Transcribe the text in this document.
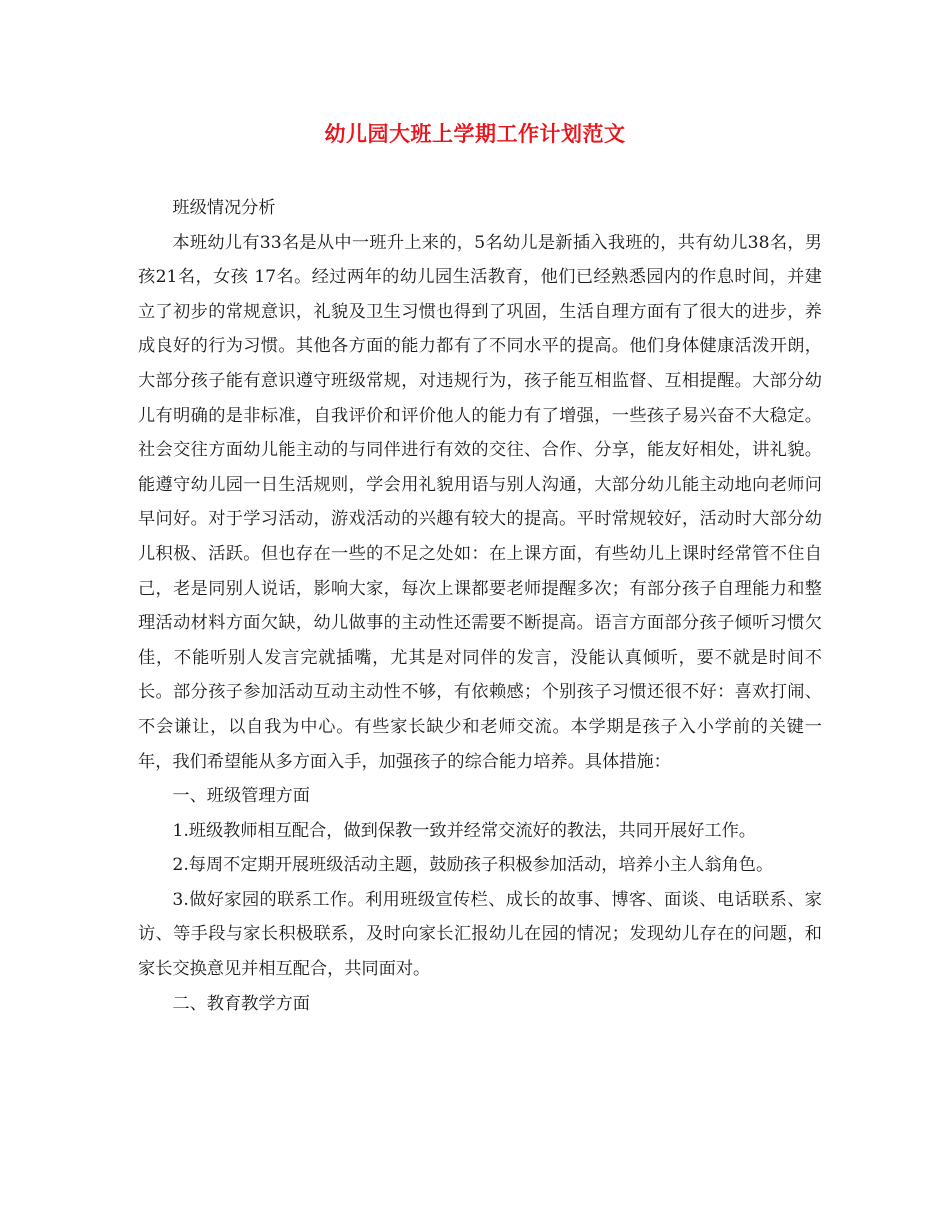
幼儿园大班上学期工作计划范文

班级情况分析

本班幼儿有33名是从中一班升上来的，5名幼儿是新插入我班的，共有幼儿38名，男孩21名，女孩 17名。经过两年的幼儿园生活教育，他们已经熟悉园内的作息时间，并建立了初步的常规意识，礼貌及卫生习惯也得到了巩固，生活自理方面有了很大的进步，养成良好的行为习惯。其他各方面的能力都有了不同水平的提高。他们身体健康活泼开朗，大部分孩子能有意识遵守班级常规，对违规行为，孩子能互相监督、互相提醒。大部分幼儿有明确的是非标准，自我评价和评价他人的能力有了增强，一些孩子易兴奋不大稳定。社会交往方面幼儿能主动的与同伴进行有效的交往、合作、分享，能友好相处，讲礼貌。能遵守幼儿园一日生活规则，学会用礼貌用语与别人沟通，大部分幼儿能主动地向老师问早问好。对于学习活动，游戏活动的兴趣有较大的提高。平时常规较好，活动时大部分幼儿积极、活跃。但也存在一些的不足之处如：在上课方面，有些幼儿上课时经常管不住自己，老是同别人说话，影响大家，每次上课都要老师提醒多次；有部分孩子自理能力和整理活动材料方面欠缺，幼儿做事的主动性还需要不断提高。语言方面部分孩子倾听习惯欠佳，不能听别人发言完就插嘴，尤其是对同伴的发言，没能认真倾听，要不就是时间不长。部分孩子参加活动互动主动性不够，有依赖感；个别孩子习惯还很不好：喜欢打闹、不会谦让，以自我为中心。有些家长缺少和老师交流。本学期是孩子入小学前的关键一年，我们希望能从多方面入手，加强孩子的综合能力培养。具体措施：

一、班级管理方面

1.班级教师相互配合，做到保教一致并经常交流好的教法，共同开展好工作。

2.每周不定期开展班级活动主题，鼓励孩子积极参加活动，培养小主人翁角色。

3.做好家园的联系工作。利用班级宣传栏、成长的故事、博客、面谈、电话联系、家访、等手段与家长积极联系，及时向家长汇报幼儿在园的情况；发现幼儿存在的问题，和家长交换意见并相互配合，共同面对。

二、教育教学方面
